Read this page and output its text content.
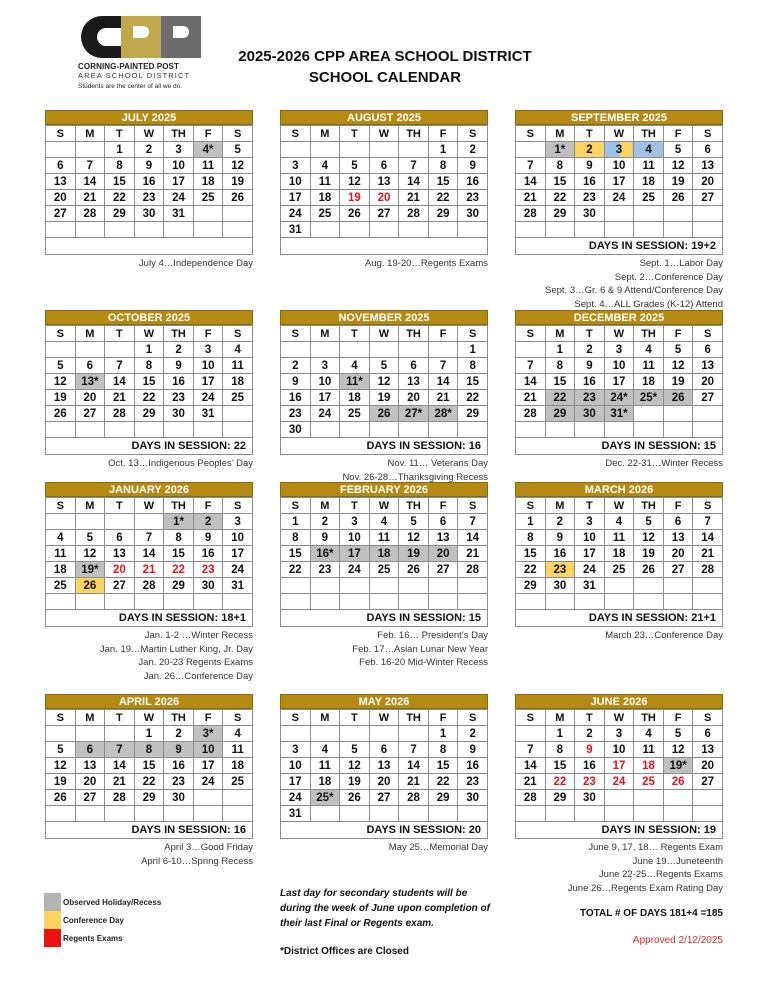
CORNING-PAINTED POST
AREA SCHOOL DISTRICT
Students are the center of all we do.
2025-2026 CPP AREA SCHOOL DISTRICT
SCHOOL CALENDAR
JULY 2025
S	M	T	W	TH	F	S
		1	2	3	4*	5
6	7	8	9	10	11	12
13	14	15	16	17	18	19
20	21	22	23	24	25	26
27	28	29	30	31		

July 4…Independence Day
AUGUST 2025
S	M	T	W	TH	F	S
					1	2
3	4	5	6	7	8	9
10	11	12	13	14	15	16
17	18	19	20	21	22	23
24	25	26	27	28	29	30
31						
Aug. 19-20…Regents Exams
SEPTEMBER 2025
S	M	T	W	TH	F	S
	1*	2	3	4	5	6
7	8	9	10	11	12	13
14	15	16	17	18	19	20
21	22	23	24	25	26	27
28	29	30				

DAYS IN SESSION: 19+2
Sept. 1…Labor Day
Sept. 2…Conference Day
Sept. 3…Gr. 6 & 9 Attend/Conference Day
Sept. 4…ALL Grades (K-12) Attend
OCTOBER 2025
S	M	T	W	TH	F	S
			1	2	3	4
5	6	7	8	9	10	11
12	13*	14	15	16	17	18
19	20	21	22	23	24	25
26	27	28	29	30	31	

DAYS IN SESSION: 22
Oct. 13…Indigenous Peoples’ Day
NOVEMBER 2025
S	M	T	W	TH	F	S
						1
2	3	4	5	6	7	8
9	10	11*	12	13	14	15
16	17	18	19	20	21	22
23	24	25	26	27*	28*	29
30						
DAYS IN SESSION: 16
Nov. 11… Veterans Day
Nov. 26-28…Thanksgiving Recess
DECEMBER 2025
S	M	T	W	TH	F	S
	1	2	3	4	5	6
7	8	9	10	11	12	13
14	15	16	17	18	19	20
21	22	23	24*	25*	26	27
28	29	30	31*			

DAYS IN SESSION: 15
Dec. 22-31…Winter Recess
JANUARY 2026
S	M	T	W	TH	F	S
				1*	2	3
4	5	6	7	8	9	10
11	12	13	14	15	16	17
18	19*	20	21	22	23	24
25	26	27	28	29	30	31

DAYS IN SESSION: 18+1
Jan. 1-2 …Winter Recess
Jan. 19…Martin Luther King, Jr. Day
Jan. 20-23 Regents Exams
Jan. 26…Conference Day
FEBRUARY 2026
S	M	T	W	TH	F	S
1	2	3	4	5	6	7
8	9	10	11	12	13	14
15	16*	17	18	19	20	21
22	23	24	25	26	27	28

DAYS IN SESSION: 15
Feb. 16… President’s Day
Feb. 17…Asian Lunar New Year
Feb. 16-20 Mid-Winter Recess
MARCH 2026
S	M	T	W	TH	F	S
1	2	3	4	5	6	7
8	9	10	11	12	13	14
15	16	17	18	19	20	21
22	23	24	25	26	27	28
29	30	31				

DAYS IN SESSION: 21+1
March 23…Conference Day
APRIL 2026
S	M	T	W	TH	F	S
			1	2	3*	4
5	6	7	8	9	10	11
12	13	14	15	16	17	18
19	20	21	22	23	24	25
26	27	28	29	30		

DAYS IN SESSION: 16
April 3…Good Friday
April 6-10…Spring Recess
MAY 2026
S	M	T	W	TH	F	S
					1	2
3	4	5	6	7	8	9
10	11	12	13	14	15	16
17	18	19	20	21	22	23
24	25*	26	27	28	29	30
31						
DAYS IN SESSION: 20
May 25…Memorial Day
JUNE 2026
S	M	T	W	TH	F	S
	1	2	3	4	5	6
7	8	9	10	11	12	13
14	15	16	17	18	19*	20
21	22	23	24	25	26	27
28	29	30				

DAYS IN SESSION: 19
June 9, 17, 18… Regents Exam
June 19…Juneteenth
June 22-25…Regents Exams
June 26…Regents Exam Rating Day
Observed Holiday/Recess
Conference Day
Regents Exams
Last day for secondary students will be during the week of June upon completion of their last Final or Regents exam.
*District Offices are Closed
TOTAL # OF DAYS 181+4 =185
Approved 2/12/2025
